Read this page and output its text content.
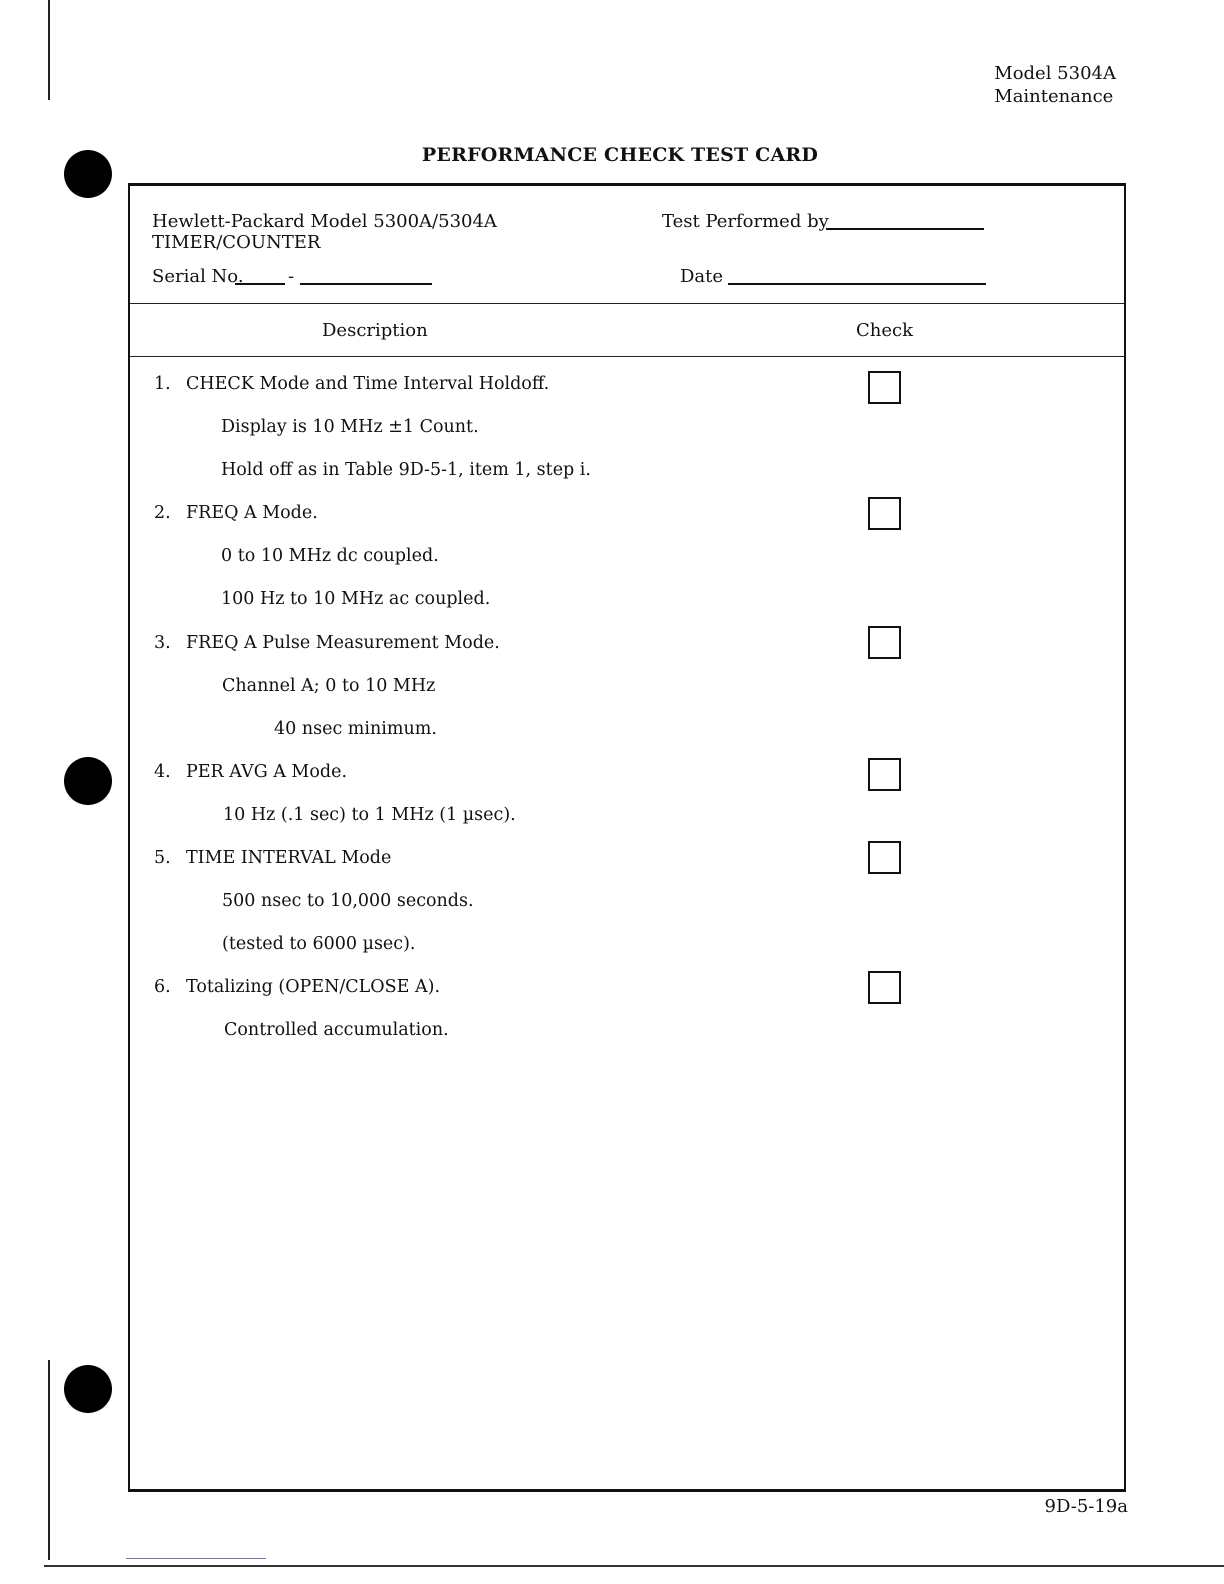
Model 5304A
Maintenance
PERFORMANCE CHECK TEST CARD
Hewlett-Packard Model 5300A/5304A
TIMER/COUNTER
Serial No. -
Test Performed by
Date
Description	Check
1. CHECK Mode and Time Interval Holdoff.
Display is 10 MHz ±1 Count.
Hold off as in Table 9D-5-1, item 1, step i.
2. FREQ A Mode.
0 to 10 MHz dc coupled.
100 Hz to 10 MHz ac coupled.
3. FREQ A Pulse Measurement Mode.
Channel A; 0 to 10 MHz
40 nsec minimum.
4. PER AVG A Mode.
10 Hz (.1 sec) to 1 MHz (1 µsec).
5. TIME INTERVAL Mode
500 nsec to 10,000 seconds.
(tested to 6000 µsec).
6. Totalizing (OPEN/CLOSE A).
Controlled accumulation.
9D-5-19a
